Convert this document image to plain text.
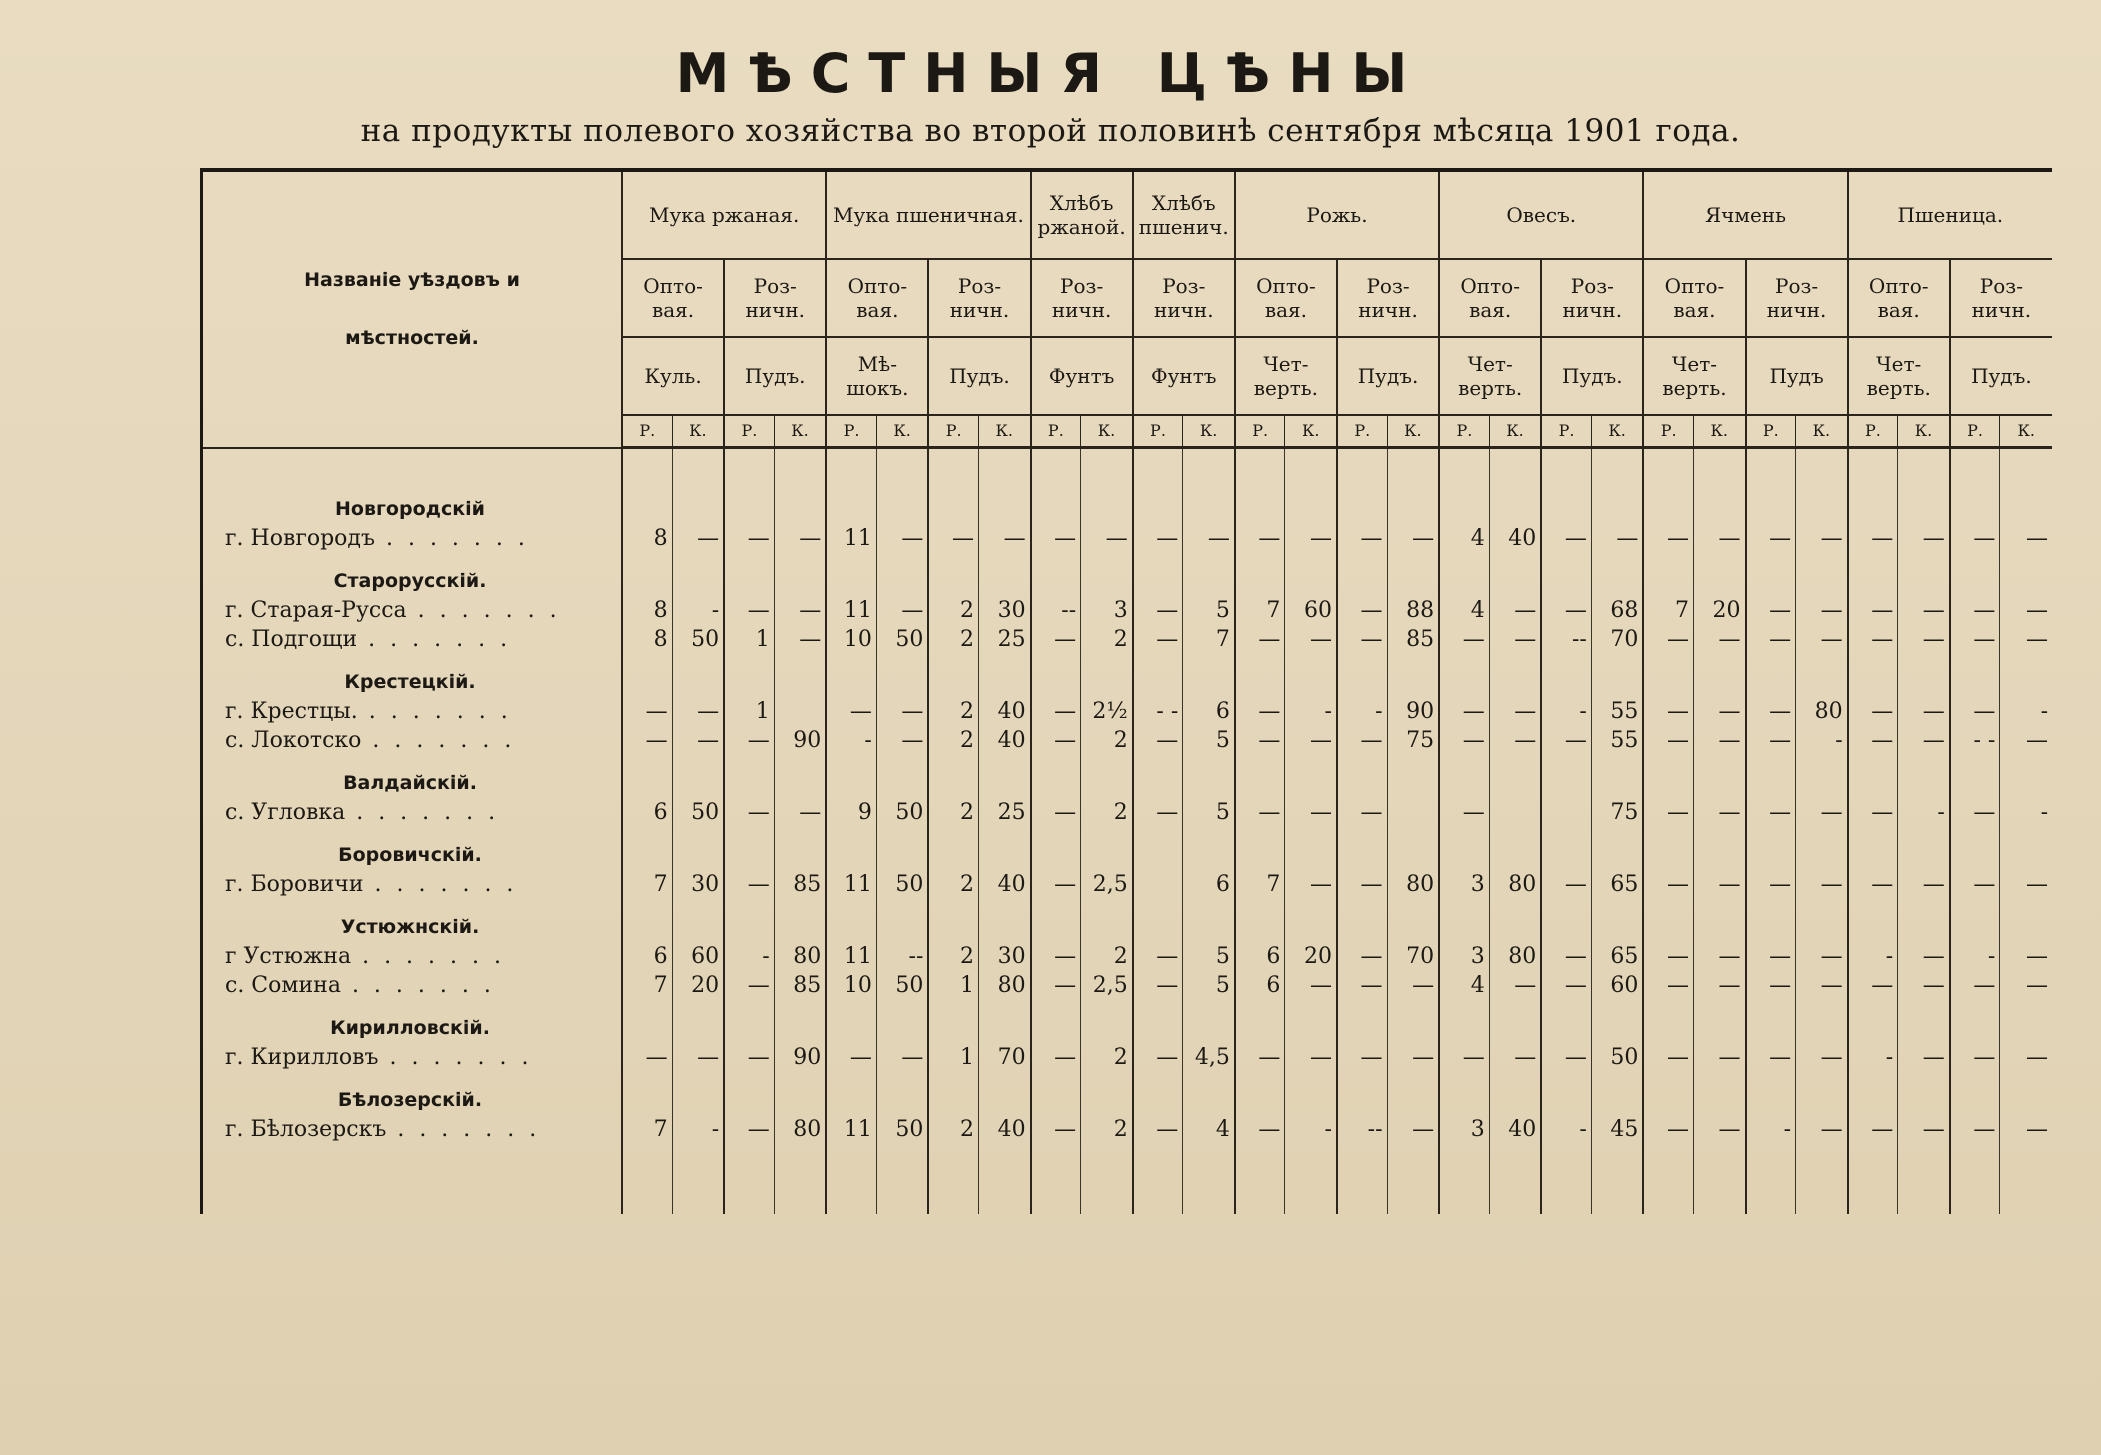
МѢСТНЫЯ ЦѢНЫ
на продукты полевого хозяйства во второй половинѣ сентября мѣсяца 1901 года.
Названіе уѣздовъ и
мѣстностей.	Мука ржаная.				Мука пшеничная.				Хлѣбъ ржаной.		Хлѣбъ пшенич.		Рожь.				Овесъ.				Ячмень				Пшеница.			
	Опто-вая.		Роз-ничн.		Опто-вая.		Роз-ничн.		Роз-ничн.		Роз-ничн.		Опто-вая.		Роз-ничн.		Опто-вая.		Роз-ничн.		Опто-вая.		Роз-ничн.		Опто-вая.		Роз-ничн.	
	Куль.		Пудъ.		Мѣ-шокъ.		Пудъ.		Фунтъ		Фунтъ		Чет-верть.		Пудъ.		Чет-верть.		Пудъ.		Чет-верть.		Пудъ		Чет-верть.		Пудъ.	
	Р.	К.	Р.	К.	Р.	К.	Р.	К.	Р.	К.	Р.	К.	Р.	К.	Р.	К.	Р.	К.	Р.	К.	Р.	К.	Р.	К.	Р.	К.	Р.	К.

Новгородскій																												
г. Новгородъ . . . . . . .	8	—	—	—	11	—	—	—	—	—	—	—	—	—	—	—	4	40	—	—	—	—	—	—	—	—	—	—

Старорусскій.																												
г. Старая-Русса . . . . . . .	8	-	—	—	11	—	2	30	--	3	—	5	7	60	—	88	4	—	—	68	7	20	—	—	—	—	—	—
с. Подгощи . . . . . . .	8	50	1	—	10	50	2	25	—	2	—	7	—	—	—	85	—	—	--	70	—	—	—	—	—	—	—	—

Крестецкій.																												
г. Крестцы. . . . . . . .	—	—	1		—	—	2	40	—	2½	- -	6	—	-	-	90	—	—	-	55	—	—	—	80	—	—	—	-
с. Локотско . . . . . . .	—	—	—	90	-	—	2	40	—	2	—	5	—	—	—	75	—	—	—	55	—	—	—	-	—	—	- -	—

Валдайскій.																												
с. Угловка . . . . . . .	6	50	—	—	9	50	2	25	—	2	—	5	—	—	—		—			75	—	—	—	—	—	-	—	-

Боровичскій.																												
г. Боровичи . . . . . . .	7	30	—	85	11	50	2	40	—	2,5		6	7	—	—	80	3	80	—	65	—	—	—	—	—	—	—	—

Устюжнскій.																												
г Устюжна . . . . . . .	6	60	-	80	11	--	2	30	—	2	—	5	6	20	—	70	3	80	—	65	—	—	—	—	-	—	-	—
с. Сомина . . . . . . .	7	20	—	85	10	50	1	80	—	2,5	—	5	6	—	—	—	4	—	—	60	—	—	—	—	—	—	—	—

Кирилловскій.																												
г. Кирилловъ . . . . . . .	—	—	—	90	—	—	1	70	—	2	—	4,5	—	—	—	—	—	—	—	50	—	—	—	—	-	—	—	—

Бѣлозерскій.																												
г. Бѣлозерскъ . . . . . . .	7	-	—	80	11	50	2	40	—	2	—	4	—	-	--	—	3	40	-	45	—	—	-	—	—	—	—	—
